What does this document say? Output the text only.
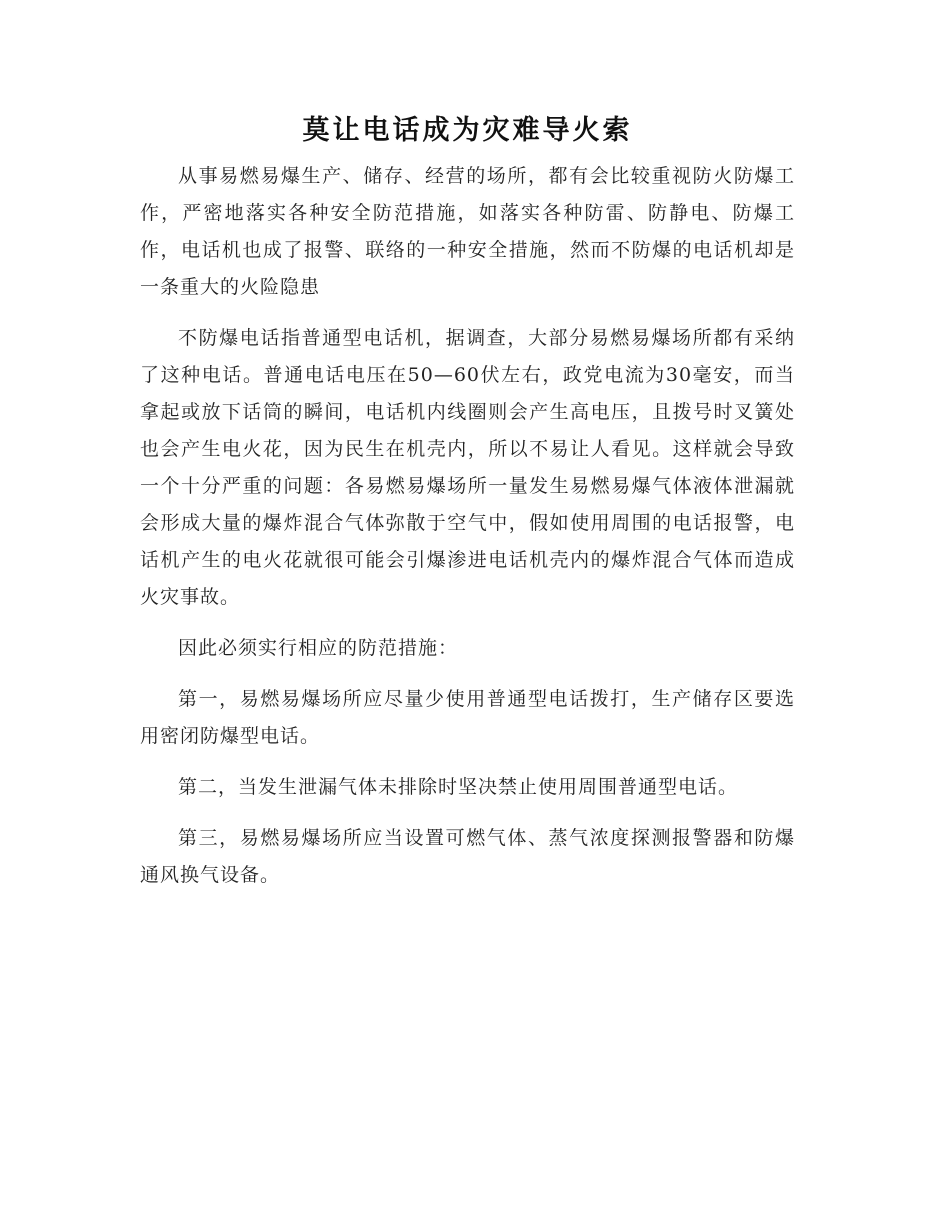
莫让电话成为灾难导火索

从事易燃易爆生产、储存、经营的场所，都有会比较重视防火防爆工作，严密地落实各种安全防范措施，如落实各种防雷、防静电、防爆工作，电话机也成了报警、联络的一种安全措施，然而不防爆的电话机却是一条重大的火险隐患

不防爆电话指普通型电话机，据调查，大部分易燃易爆场所都有采纳了这种电话。普通电话电压在50—60伏左右，政党电流为30毫安，而当拿起或放下话筒的瞬间，电话机内线圈则会产生高电压，且拨号时叉簧处也会产生电火花，因为民生在机壳内，所以不易让人看见。这样就会导致一个十分严重的问题：各易燃易爆场所一量发生易燃易爆气体液体泄漏就会形成大量的爆炸混合气体弥散于空气中，假如使用周围的电话报警，电话机产生的电火花就很可能会引爆渗进电话机壳内的爆炸混合气体而造成火灾事故。

因此必须实行相应的防范措施：

第一，易燃易爆场所应尽量少使用普通型电话拨打，生产储存区要选用密闭防爆型电话。

第二，当发生泄漏气体未排除时坚决禁止使用周围普通型电话。

第三，易燃易爆场所应当设置可燃气体、蒸气浓度探测报警器和防爆通风换气设备。
